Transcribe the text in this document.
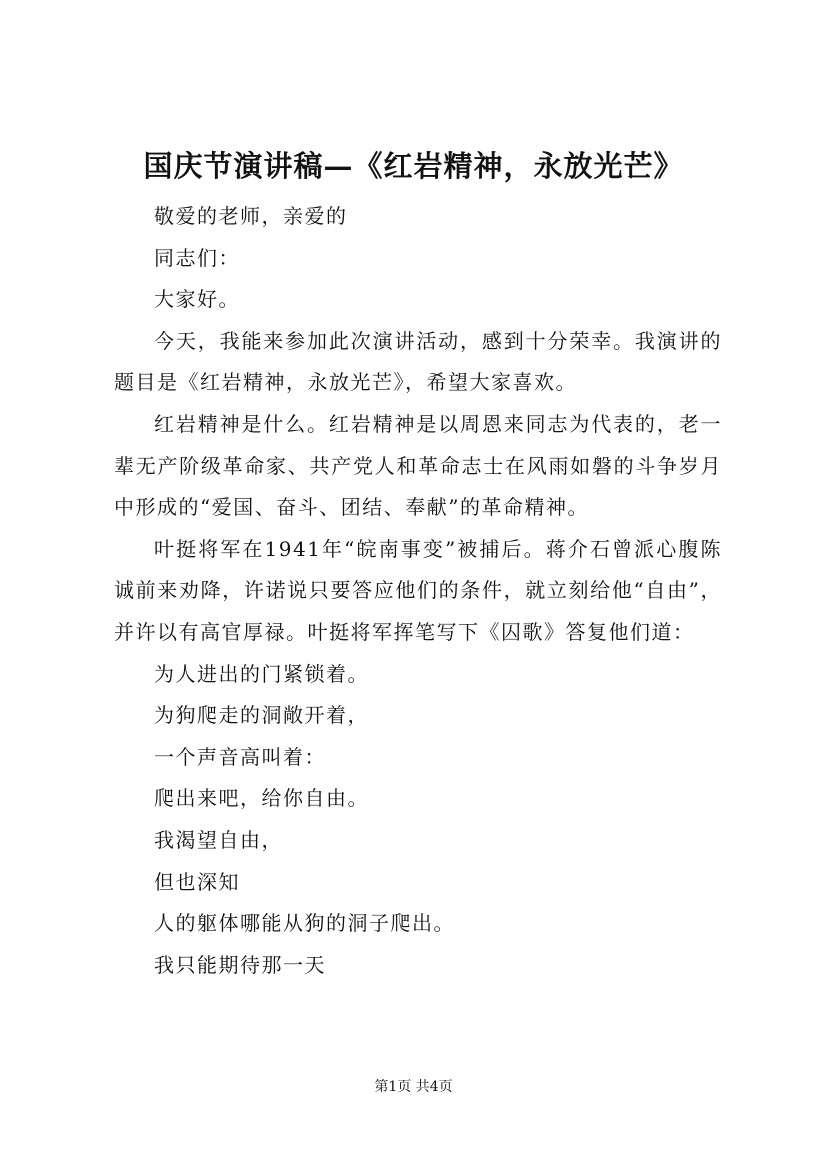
国庆节演讲稿—《红岩精神，永放光芒》

敬爱的老师，亲爱的

同志们：

大家好。

今天，我能来参加此次演讲活动，感到十分荣幸。我演讲的题目是《红岩精神，永放光芒》，希望大家喜欢。

红岩精神是什么。红岩精神是以周恩来同志为代表的，老一辈无产阶级革命家、共产党人和革命志士在风雨如磐的斗争岁月中形成的“爱国、奋斗、团结、奉献”的革命精神。

叶挺将军在1941年“皖南事变”被捕后。蒋介石曾派心腹陈诚前来劝降，许诺说只要答应他们的条件，就立刻给他“自由”，并许以有高官厚禄。叶挺将军挥笔写下《囚歌》答复他们道：

为人进出的门紧锁着。

为狗爬走的洞敞开着，

一个声音高叫着：

爬出来吧，给你自由。

我渴望自由，

但也深知

人的躯体哪能从狗的洞子爬出。

我只能期待那一天

第1页 共4页
